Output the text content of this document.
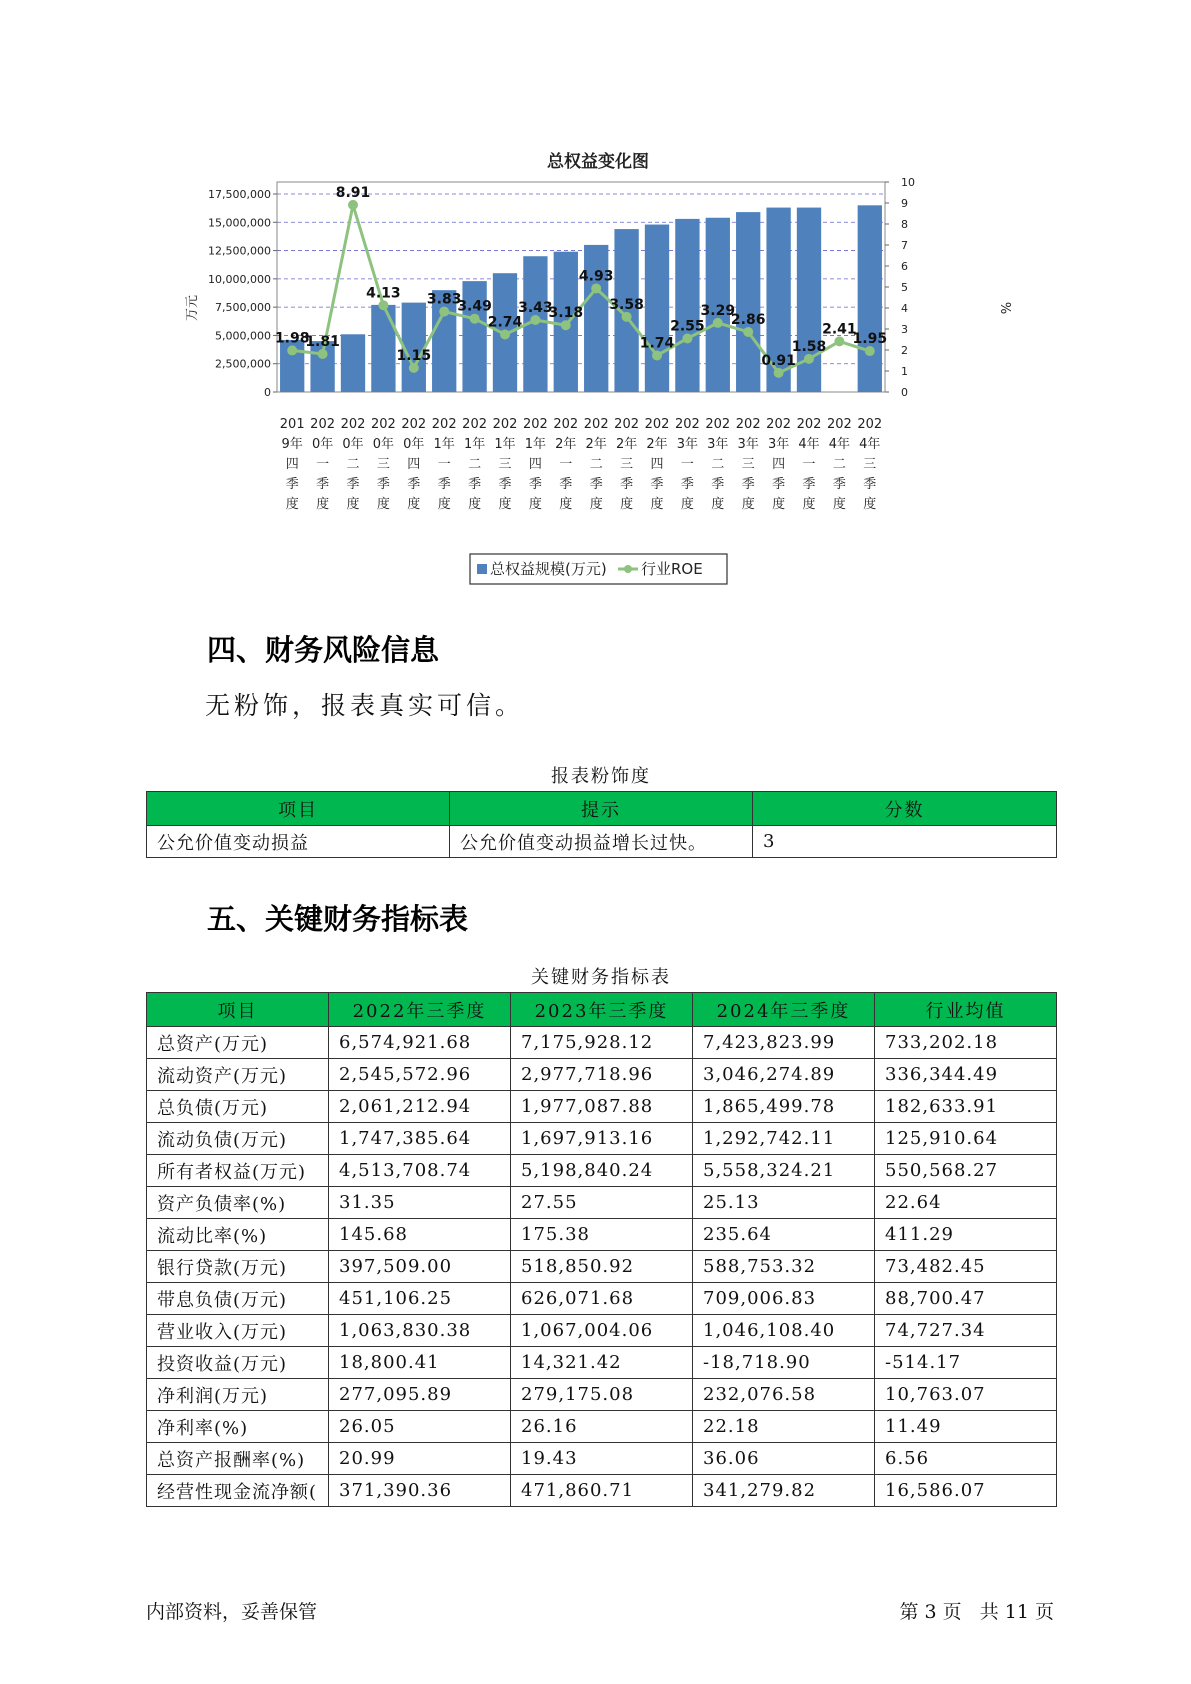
总权益变化图
0
2,500,000
5,000,000
7,500,000
10,000,000
12,500,000
15,000,000
17,500,000
0
1
2
3
4
5
6
7
8
9
10
1.98
1.81
8.91
4.13
1.15
3.83
3.49
2.74
3.43
3.18
4.93
3.58
1.74
2.55
3.29
2.86
0.91
1.58
2.41
1.95
201
9年
四
季
度
202
0年
一
季
度
202
0年
二
季
度
202
0年
三
季
度
202
0年
四
季
度
202
1年
一
季
度
202
1年
二
季
度
202
1年
三
季
度
202
1年
四
季
度
202
2年
一
季
度
202
2年
二
季
度
202
2年
三
季
度
202
2年
四
季
度
202
3年
一
季
度
202
3年
二
季
度
202
3年
三
季
度
202
3年
四
季
度
202
4年
一
季
度
202
4年
二
季
度
202
4年
三
季
度
万元	%
总权益规模(万元) 行业ROE
四、财务风险信息
无粉饰，报表真实可信。
报表粉饰度
项目	提示	分数
公允价值变动损益	公允价值变动损益增长过快。	3
五、关键财务指标表
关键财务指标表
项目	2022年三季度	2023年三季度	2024年三季度	行业均值
总资产(万元)	6,574,921.68	7,175,928.12	7,423,823.99	733,202.18
流动资产(万元)	2,545,572.96	2,977,718.96	3,046,274.89	336,344.49
总负债(万元)	2,061,212.94	1,977,087.88	1,865,499.78	182,633.91
流动负债(万元)	1,747,385.64	1,697,913.16	1,292,742.11	125,910.64
所有者权益(万元)	4,513,708.74	5,198,840.24	5,558,324.21	550,568.27
资产负债率(%)	31.35	27.55	25.13	22.64
流动比率(%)	145.68	175.38	235.64	411.29
银行贷款(万元)	397,509.00	518,850.92	588,753.32	73,482.45
带息负债(万元)	451,106.25	626,071.68	709,006.83	88,700.47
营业收入(万元)	1,063,830.38	1,067,004.06	1,046,108.40	74,727.34
投资收益(万元)	18,800.41	14,321.42	-18,718.90	-514.17
净利润(万元)	277,095.89	279,175.08	232,076.58	10,763.07
净利率(%)	26.05	26.16	22.18	11.49
总资产报酬率(%)	20.99	19.43	36.06	6.56
经营性现金流净额(	371,390.36	471,860.71	341,279.82	16,586.07
内部资料，妥善保管	第 3 页   共 11 页
